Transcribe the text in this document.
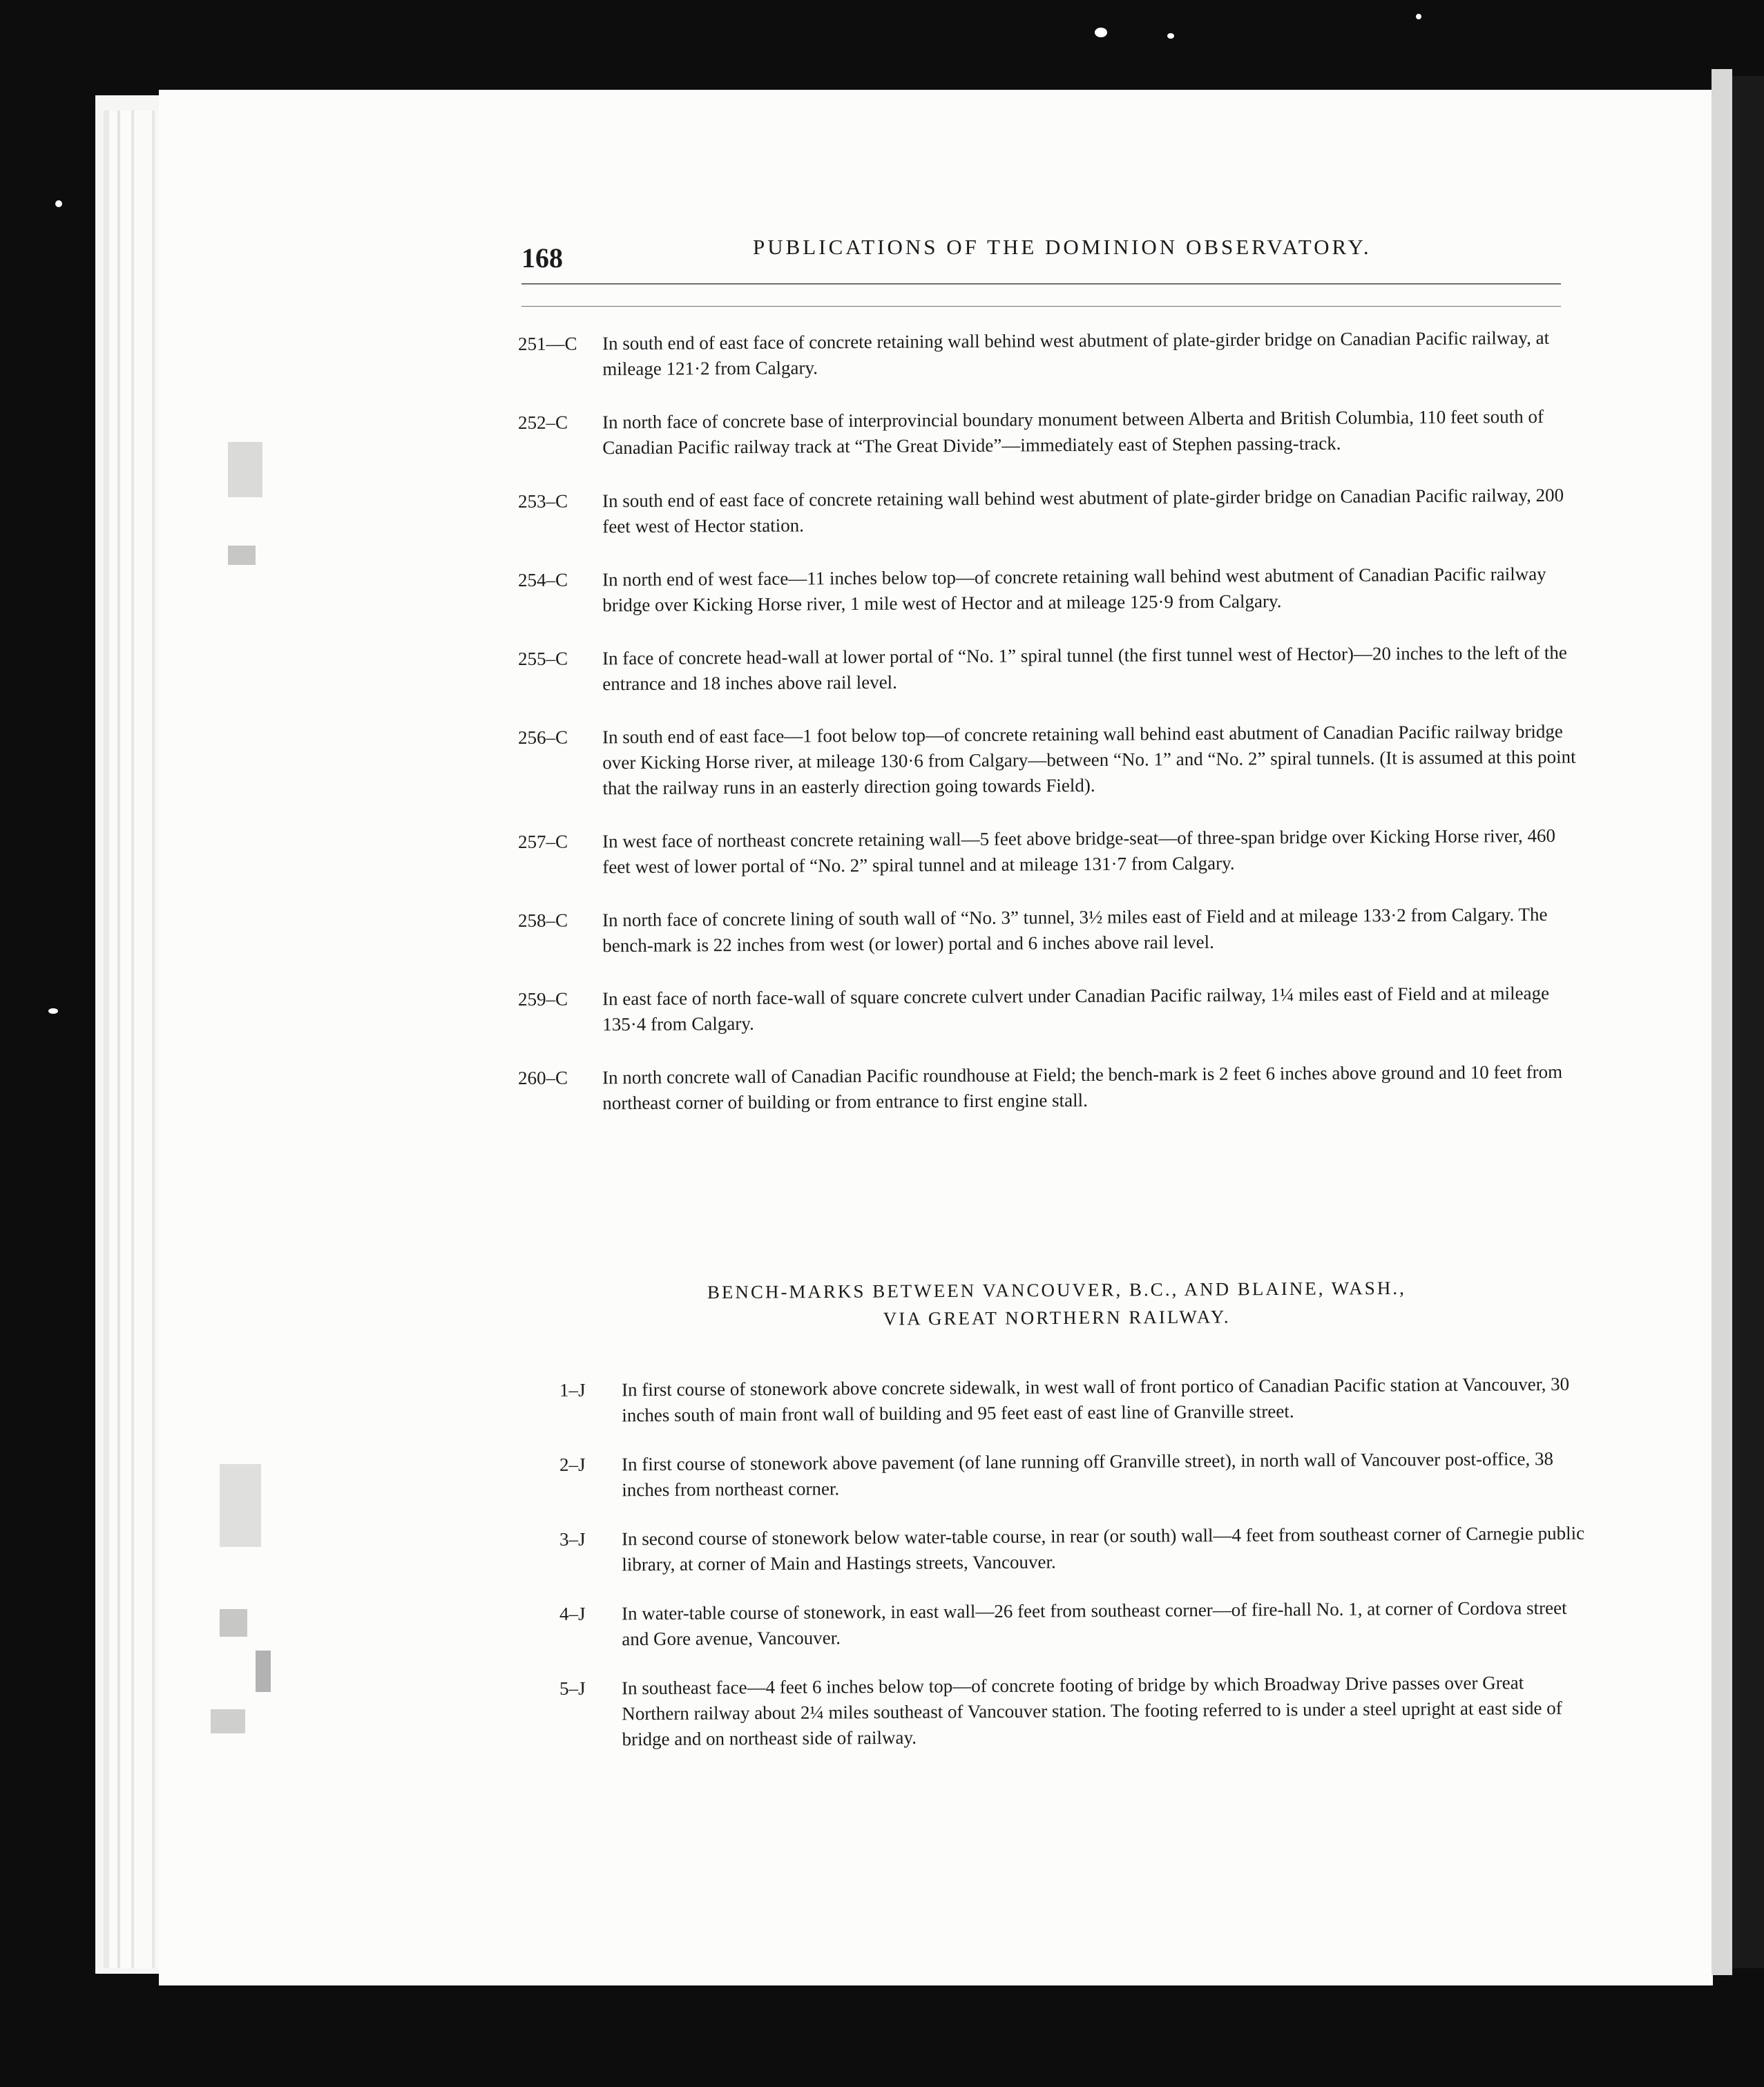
168	PUBLICATIONS OF THE DOMINION OBSERVATORY.
251—C	In south end of east face of concrete retaining wall behind west abutment of plate-girder bridge on Canadian Pacific railway, at mileage 121·2 from Calgary.
252–C	In north face of concrete base of interprovincial boundary monument between Alberta and British Columbia, 110 feet south of Canadian Pacific railway track at “The Great Divide”—immediately east of Stephen passing-track.
253–C	In south end of east face of concrete retaining wall behind west abutment of plate-girder bridge on Canadian Pacific railway, 200 feet west of Hector station.
254–C	In north end of west face—11 inches below top—of concrete retaining wall behind west abutment of Canadian Pacific railway bridge over Kicking Horse river, 1 mile west of Hector and at mileage 125·9 from Calgary.
255–C	In face of concrete head-wall at lower portal of “No. 1” spiral tunnel (the first tunnel west of Hector)—20 inches to the left of the entrance and 18 inches above rail level.
256–C	In south end of east face—1 foot below top—of concrete retaining wall behind east abutment of Canadian Pacific railway bridge over Kicking Horse river, at mileage 130·6 from Calgary—between “No. 1” and “No. 2” spiral tunnels. (It is assumed at this point that the railway runs in an easterly direction going towards Field).
257–C	In west face of northeast concrete retaining wall—5 feet above bridge-seat—of three-span bridge over Kicking Horse river, 460 feet west of lower portal of “No. 2” spiral tunnel and at mileage 131·7 from Calgary.
258–C	In north face of concrete lining of south wall of “No. 3” tunnel, 3½ miles east of Field and at mileage 133·2 from Calgary. The bench-mark is 22 inches from west (or lower) portal and 6 inches above rail level.
259–C	In east face of north face-wall of square concrete culvert under Canadian Pacific railway, 1¼ miles east of Field and at mileage 135·4 from Calgary.
260–C	In north concrete wall of Canadian Pacific roundhouse at Field; the bench-mark is 2 feet 6 inches above ground and 10 feet from northeast corner of building or from entrance to first engine stall.
BENCH-MARKS BETWEEN VANCOUVER, B.C., AND BLAINE, WASH.,
VIA GREAT NORTHERN RAILWAY.
1–J	In first course of stonework above concrete sidewalk, in west wall of front portico of Canadian Pacific station at Vancouver, 30 inches south of main front wall of building and 95 feet east of east line of Granville street.
2–J	In first course of stonework above pavement (of lane running off Granville street), in north wall of Vancouver post-office, 38 inches from northeast corner.
3–J	In second course of stonework below water-table course, in rear (or south) wall—4 feet from southeast corner of Carnegie public library, at corner of Main and Hastings streets, Vancouver.
4–J	In water-table course of stonework, in east wall—26 feet from southeast corner—of fire-hall No. 1, at corner of Cordova street and Gore avenue, Vancouver.
5–J	In southeast face—4 feet 6 inches below top—of concrete footing of bridge by which Broadway Drive passes over Great Northern railway about 2¼ miles southeast of Vancouver station. The footing referred to is under a steel upright at east side of bridge and on northeast side of railway.
